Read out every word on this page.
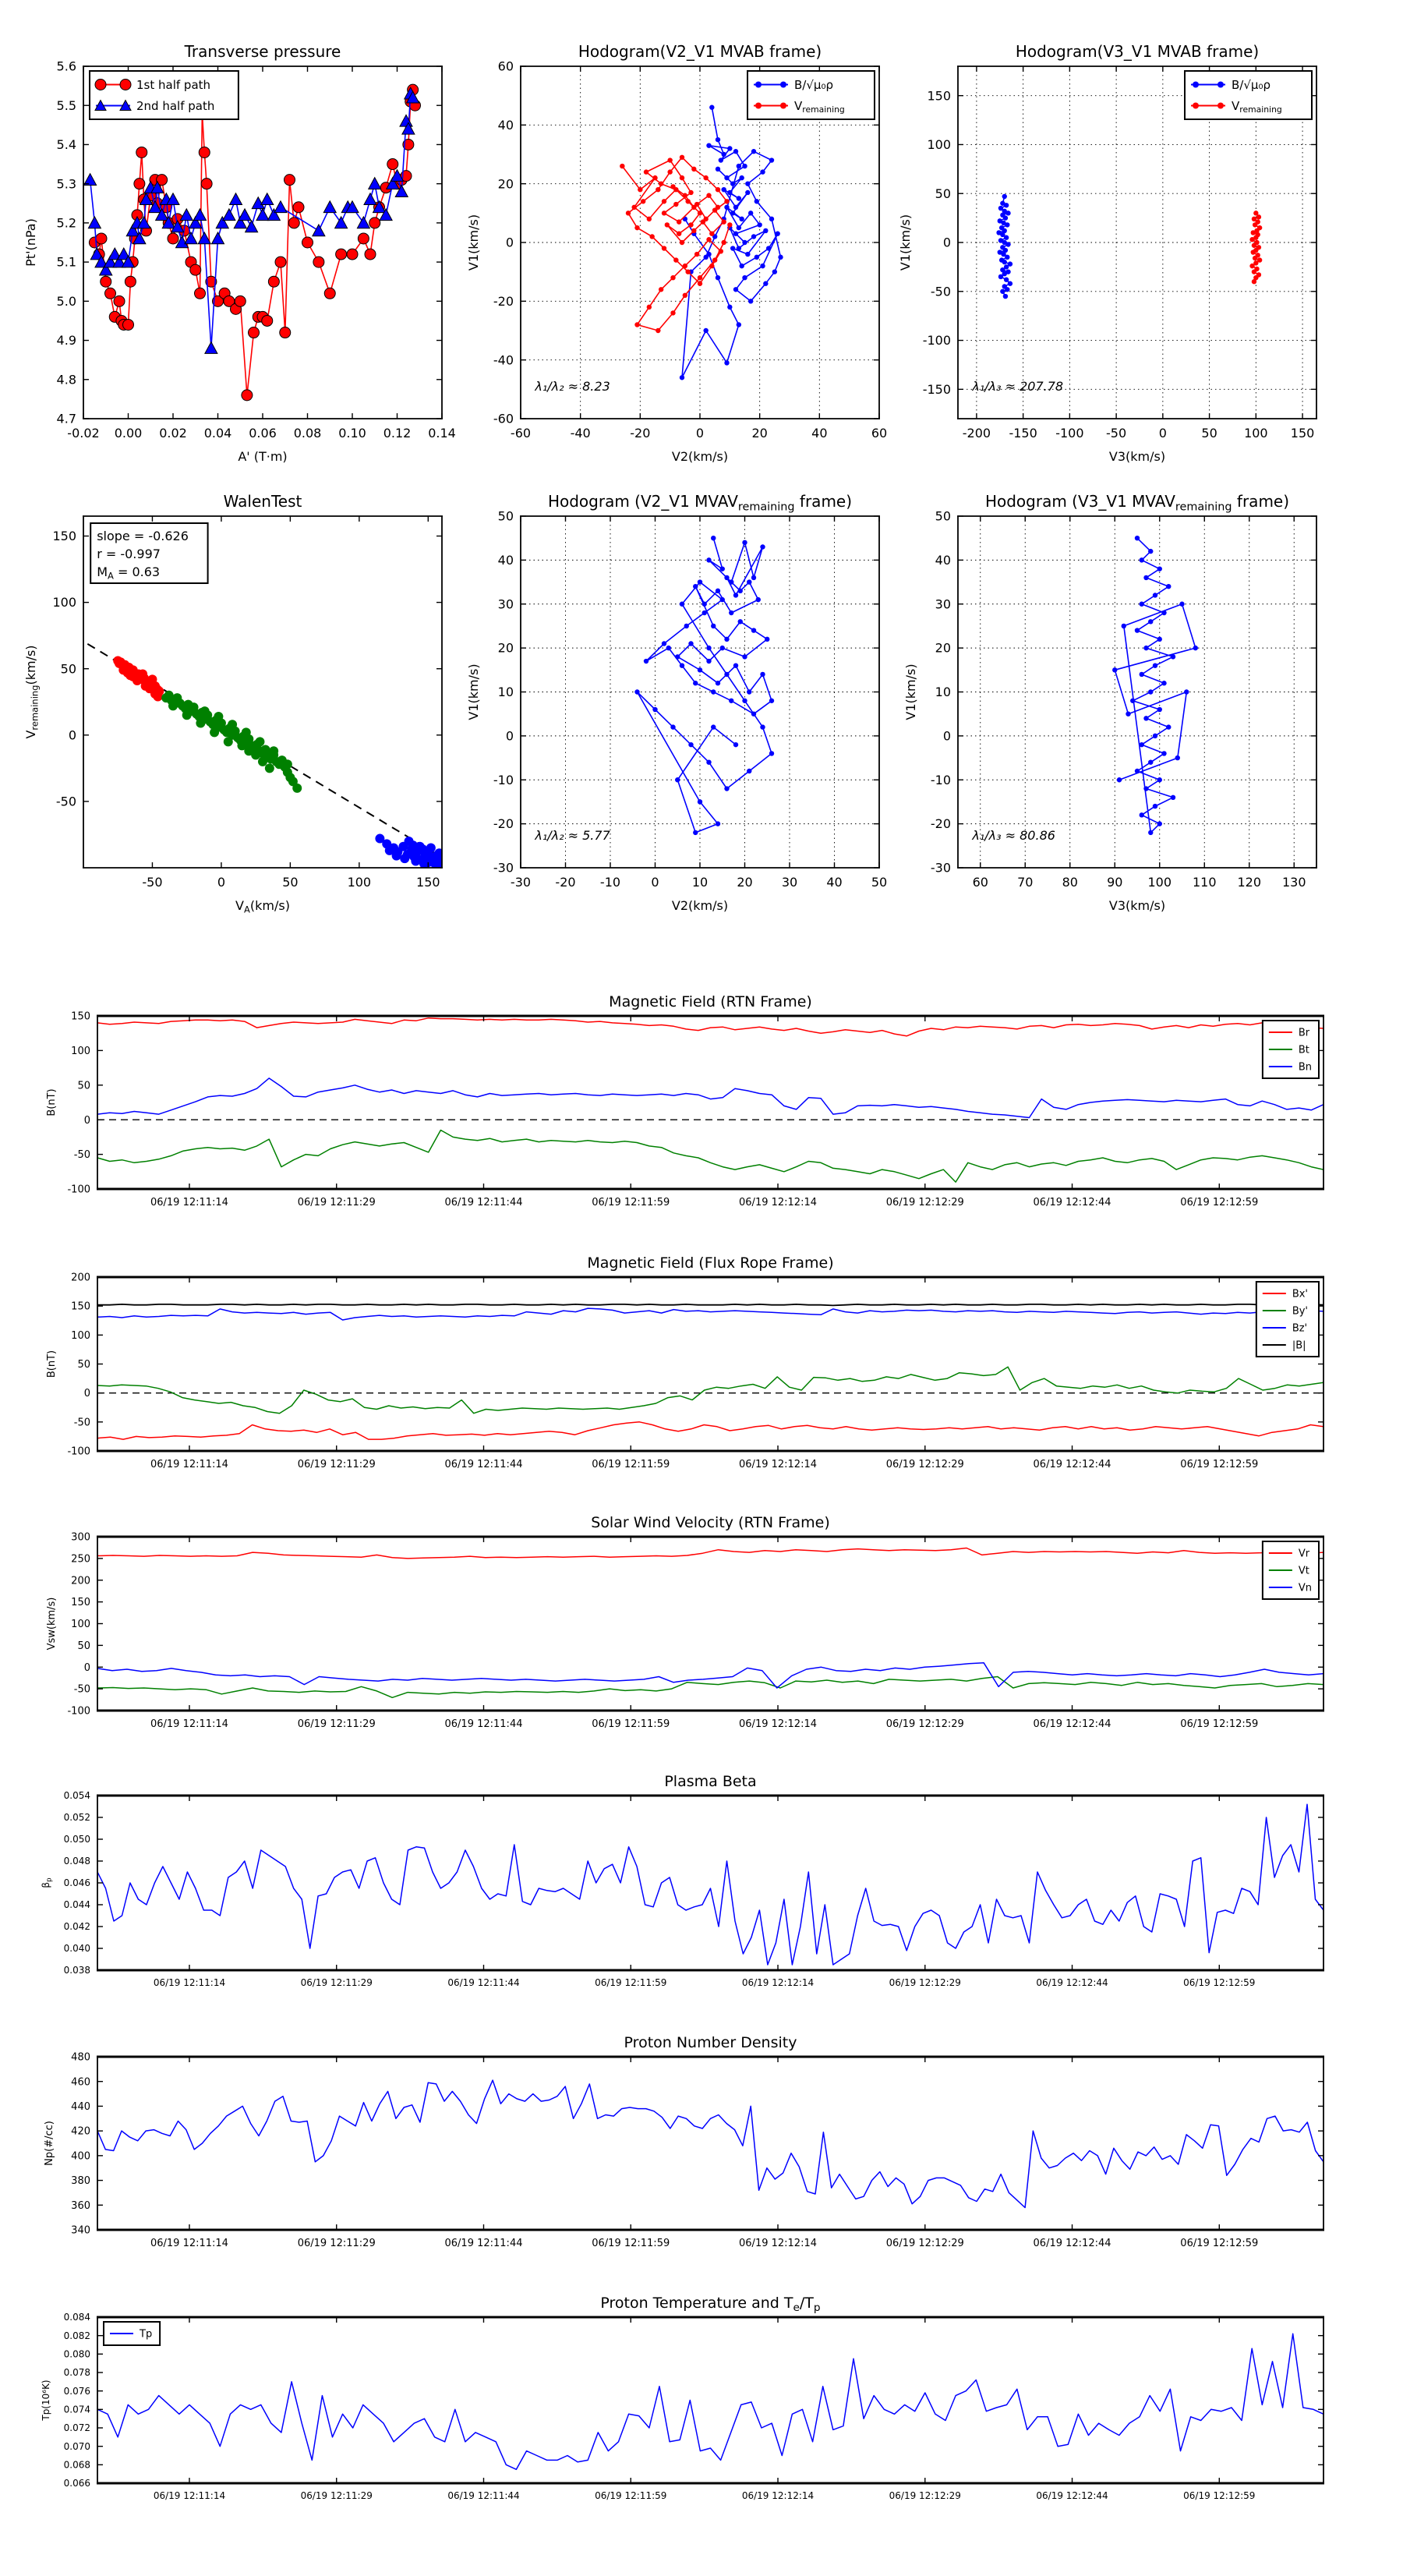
-0.02 0.00 0.02 0.04 0.06 0.08 0.10 0.12 0.14
4.7
4.8
4.9
5.0
5.1
5.2
5.3
5.4
5.5
5.6
Transverse pressure
A' (T·m)
Pt'(nPa)
1st half path
2nd half path
-60	-40	-20	0	20	40	60
-60
-40
-20
0
20
40
60
Hodogram(V2_V1 MVAB frame)
V2(km/s)
V1(km/s)
λ₁/λ₂ ≈ 8.23
B/√μ₀ρ
$V_{remaining}$
-200 -150 -100 -50	0	50 100 150
-150
-100
-50
0
50
100
150
Hodogram(V3_V1 MVAB frame)
V3(km/s)
V1(km/s)
λ₁/λ₃ ≈ 207.78
B/√μ₀ρ
$V_{remaining}$
-50	0	50	100	150
-50
0
50
100
150
WalenTest
$V_A(km/s)$
$V_{remaining}(km/s)$
slope = -0.626
r = -0.997
$M_A = 0.63$
-30 -20 -10 0	10 20 30 40 50
-30
-20
-10
0
10
20
30
40
50
Hodogram (V2_V1 $MVAV_{remaining}$ frame)
V2(km/s)
V1(km/s)
λ₁/λ₂ ≈ 5.77
60 70 80 90 100 110 120 130
-30
-20
-10
0
10
20
30
40
50
Hodogram (V3_V1 $MVAV_{remaining}$ frame)
V3(km/s)
V1(km/s)
λ₁/λ₃ ≈ 80.86
06/19 12:11:14	06/19 12:11:29	06/19 12:11:44	06/19 12:11:59	06/19 12:12:14	06/19 12:12:29	06/19 12:12:44	06/19 12:12:59
-100
-50
0
50
100
150
Magnetic Field (RTN Frame)
B(nT)
Br
Bt
Bn
06/19 12:11:14	06/19 12:11:29	06/19 12:11:44	06/19 12:11:59	06/19 12:12:14	06/19 12:12:29	06/19 12:12:44	06/19 12:12:59
-100
-50
0
50
100
150
200
Magnetic Field (Flux Rope Frame)
B(nT)
Bx'
By'
Bz'
|B|
06/19 12:11:14	06/19 12:11:29	06/19 12:11:44	06/19 12:11:59	06/19 12:12:14	06/19 12:12:29	06/19 12:12:44	06/19 12:12:59
-100
-50
0
50
100
150
200
250
300
Solar Wind Velocity (RTN Frame)
Vsw(km/s)
Vr
Vt
Vn
06/19 12:11:14	06/19 12:11:29	06/19 12:11:44	06/19 12:11:59	06/19 12:12:14	06/19 12:12:29	06/19 12:12:44	06/19 12:12:59
0.038
0.040
0.042
0.044
0.046
0.048
0.050
0.052
0.054
Plasma Beta
$\beta_p$
06/19 12:11:14	06/19 12:11:29	06/19 12:11:44	06/19 12:11:59	06/19 12:12:14	06/19 12:12:29	06/19 12:12:44	06/19 12:12:59
340
360
380
400
420
440
460
480
Proton Number Density
Np(#/cc)
06/19 12:11:14	06/19 12:11:29	06/19 12:11:44	06/19 12:11:59	06/19 12:12:14	06/19 12:12:29	06/19 12:12:44	06/19 12:12:59
0.066
0.068
0.070
0.072
0.074
0.076
0.078
0.080
0.082
0.084
Proton Temperature and $T_e/T_p$
Tp(10⁶K)
Tp
